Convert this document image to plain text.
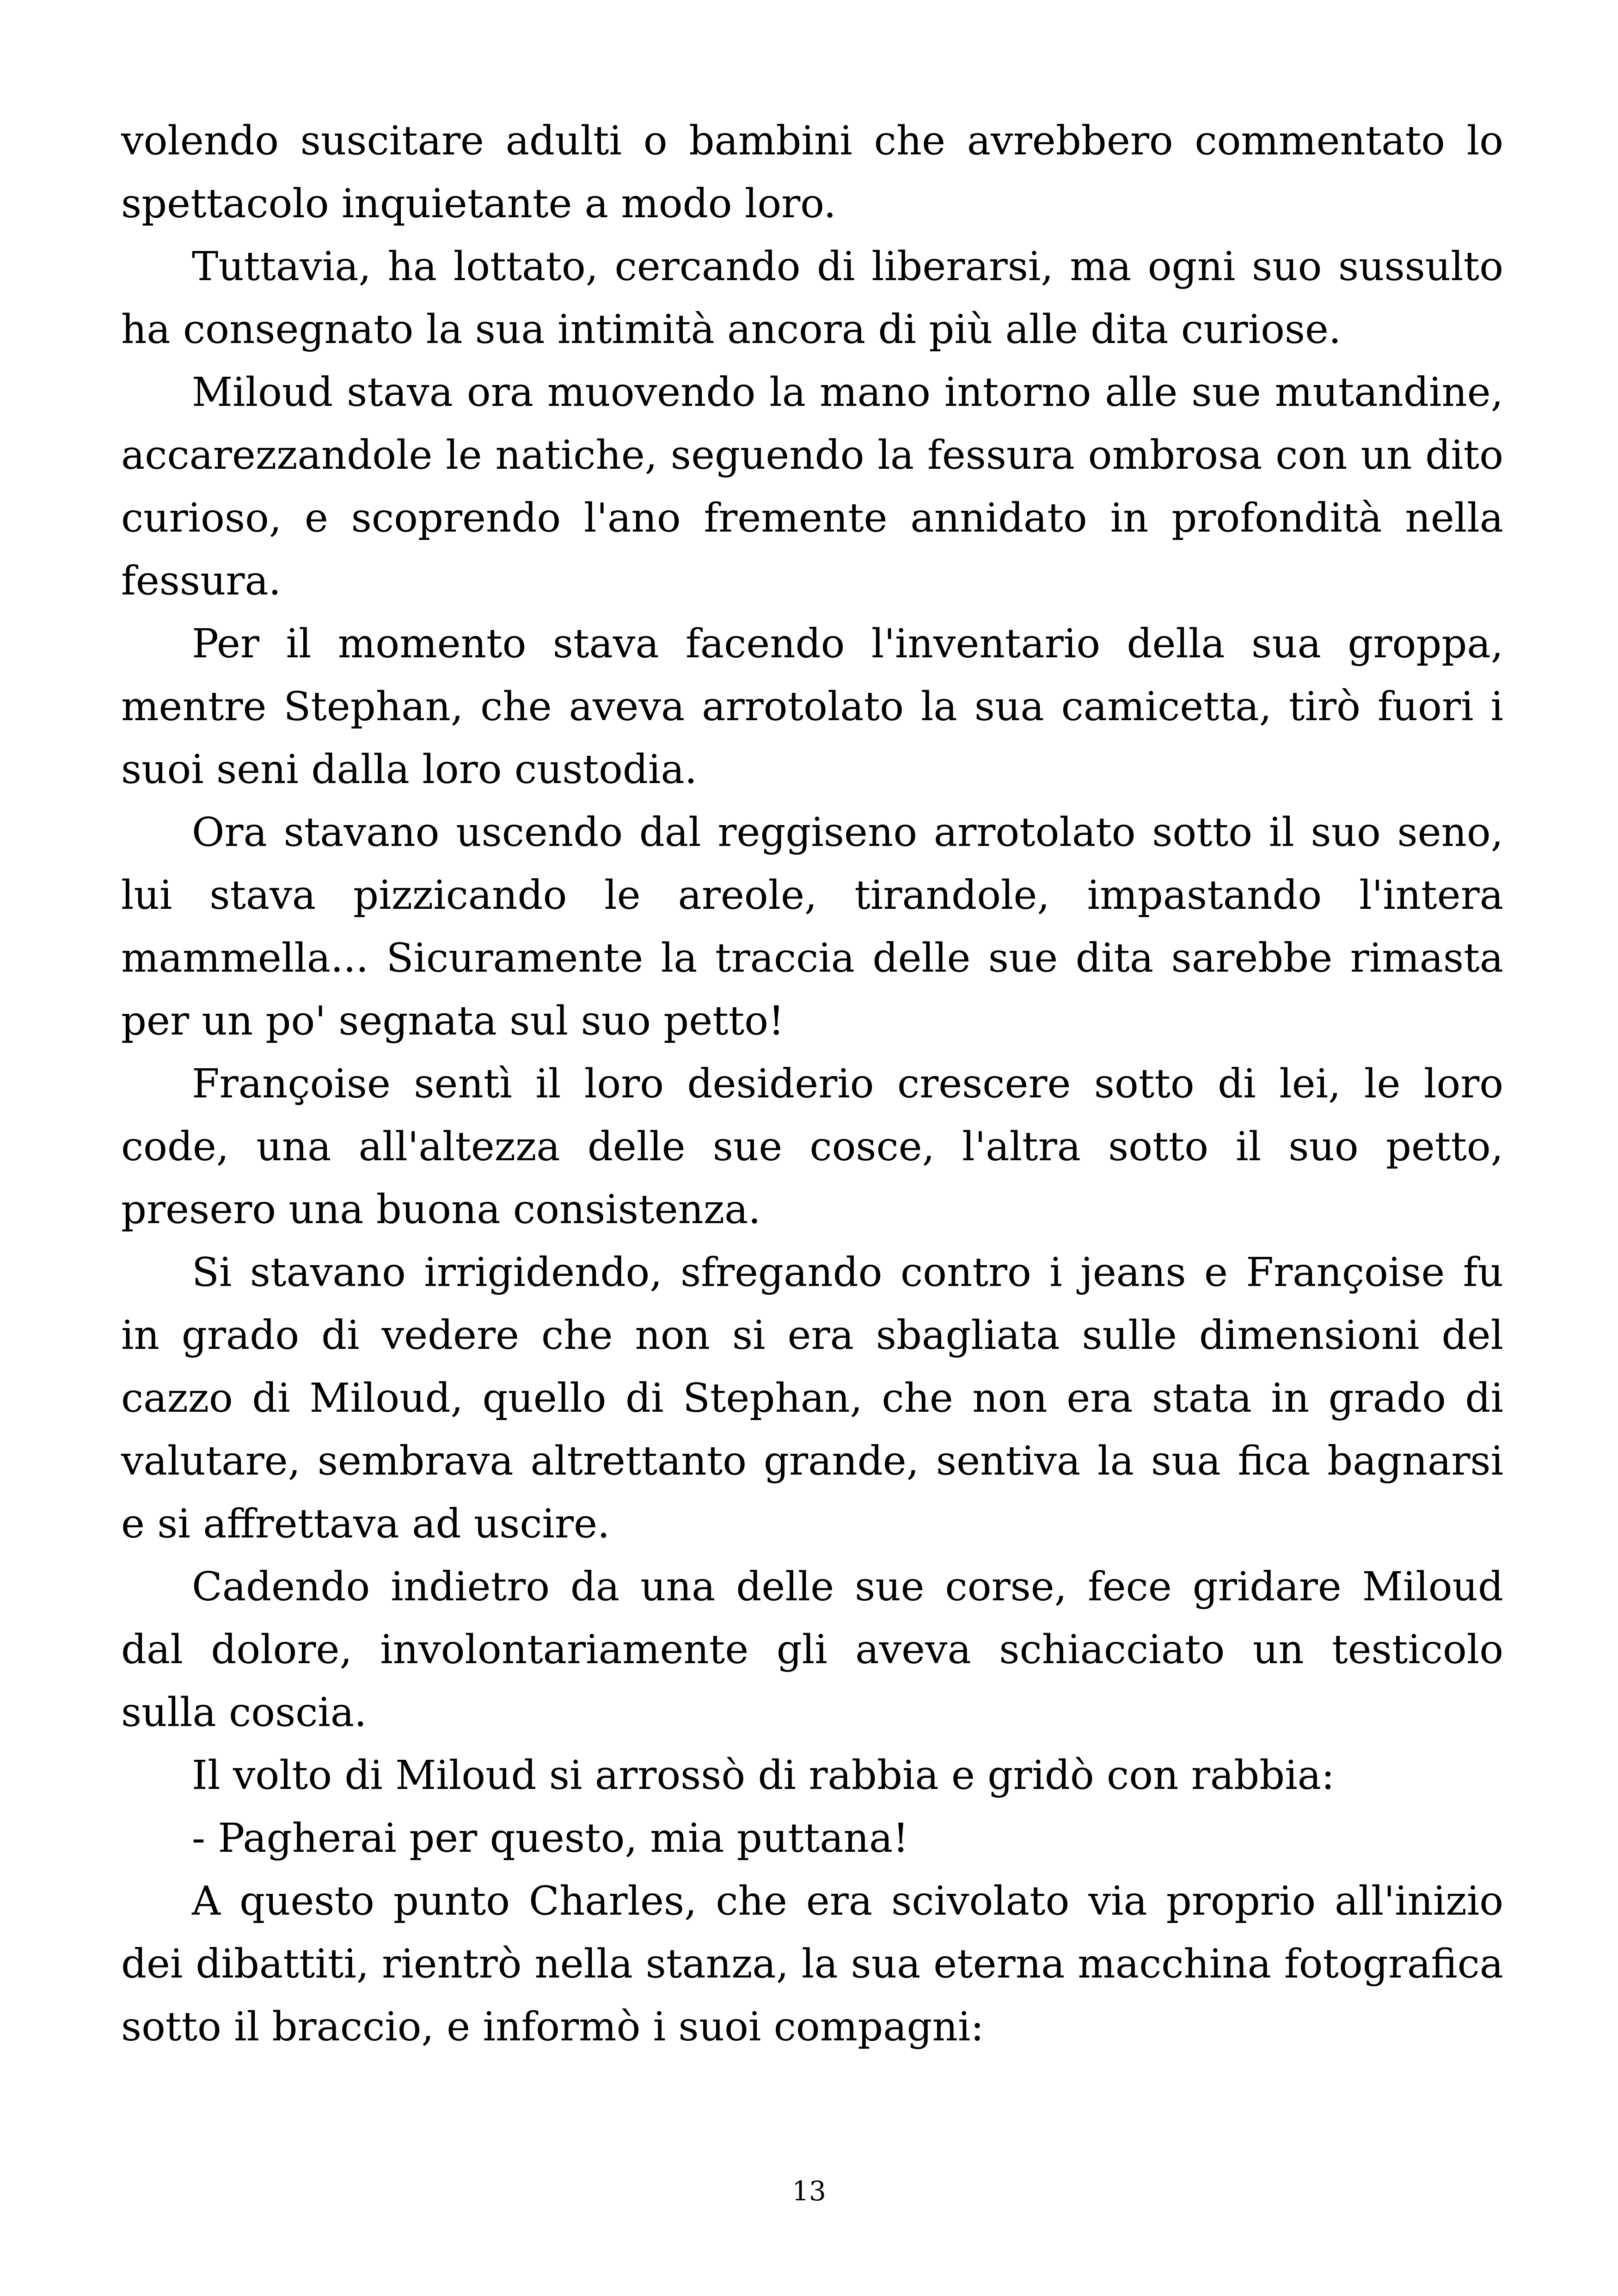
volendo suscitare adulti o bambini che avrebbero commentato lo spettacolo inquietante a modo loro.

Tuttavia, ha lottato, cercando di liberarsi, ma ogni suo sussulto ha consegnato la sua intimità ancora di più alle dita curiose.

Miloud stava ora muovendo la mano intorno alle sue mutandine, accarezzandole le natiche, seguendo la fessura ombrosa con un dito curioso, e scoprendo l'ano fremente annidato in profondità nella fessura.

Per il momento stava facendo l'inventario della sua groppa, mentre Stephan, che aveva arrotolato la sua camicetta, tirò fuori i suoi seni dalla loro custodia.

Ora stavano uscendo dal reggiseno arrotolato sotto il suo seno, lui stava pizzicando le areole, tirandole, impastando l'intera mammella... Sicuramente la traccia delle sue dita sarebbe rimasta per un po' segnata sul suo petto!

Françoise sentì il loro desiderio crescere sotto di lei, le loro code, una all'altezza delle sue cosce, l'altra sotto il suo petto, presero una buona consistenza.

Si stavano irrigidendo, sfregando contro i jeans e Françoise fu in grado di vedere che non si era sbagliata sulle dimensioni del cazzo di Miloud, quello di Stephan, che non era stata in grado di valutare, sembrava altrettanto grande, sentiva la sua fica bagnarsi e si affrettava ad uscire.

Cadendo indietro da una delle sue corse, fece gridare Miloud dal dolore, involontariamente gli aveva schiacciato un testicolo sulla coscia.

Il volto di Miloud si arrossò di rabbia e gridò con rabbia:

- Pagherai per questo, mia puttana!

A questo punto Charles, che era scivolato via proprio all'inizio dei dibattiti, rientrò nella stanza, la sua eterna macchina fotografica sotto il braccio, e informò i suoi compagni:

13
